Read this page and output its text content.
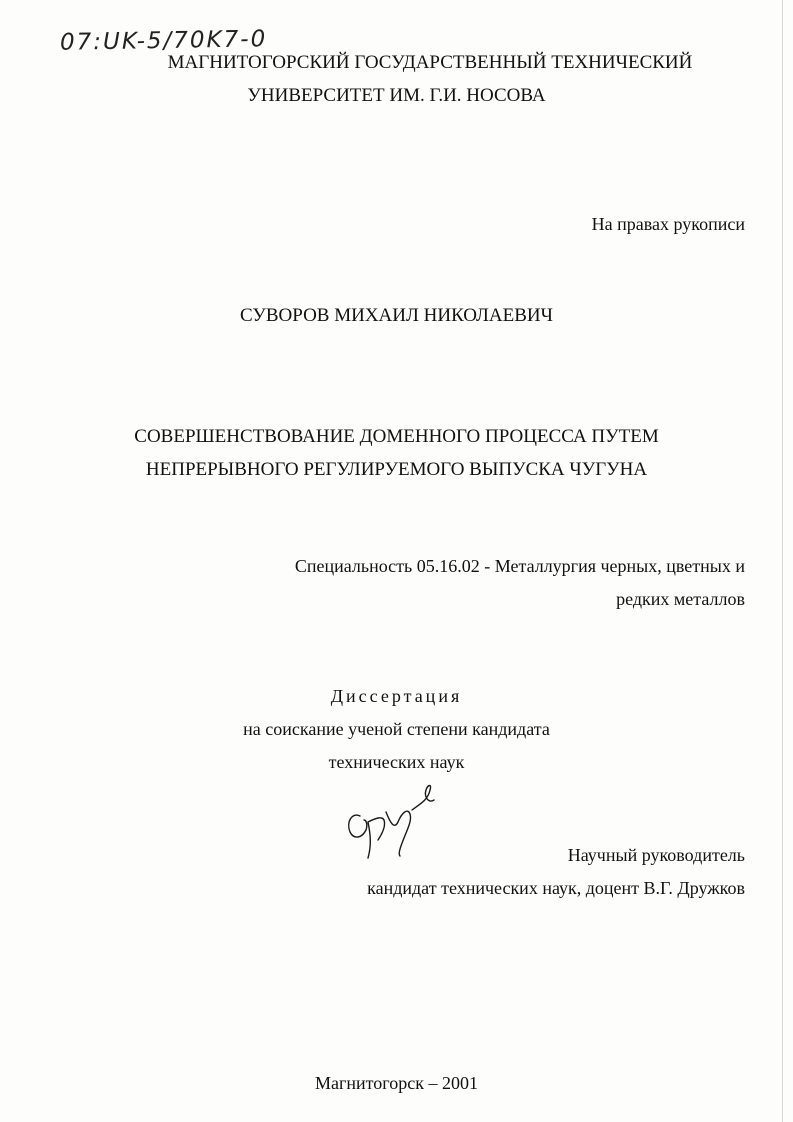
07:UK-5/70K7-0
МАГНИТОГОРСКИЙ ГОСУДАРСТВЕННЫЙ ТЕХНИЧЕСКИЙ
УНИВЕРСИТЕТ ИМ. Г.И. НОСОВА
На правах рукописи
СУВОРОВ МИХАИЛ НИКОЛАЕВИЧ
СОВЕРШЕНСТВОВАНИЕ ДОМЕННОГО ПРОЦЕССА ПУТЕМ
НЕПРЕРЫВНОГО РЕГУЛИРУЕМОГО ВЫПУСКА ЧУГУНА
Специальность 05.16.02 - Металлургия черных, цветных и
редких металлов
Диссертация
на соискание ученой степени кандидата
технических наук
Научный руководитель
кандидат технических наук, доцент В.Г. Дружков
Магнитогорск – 2001
